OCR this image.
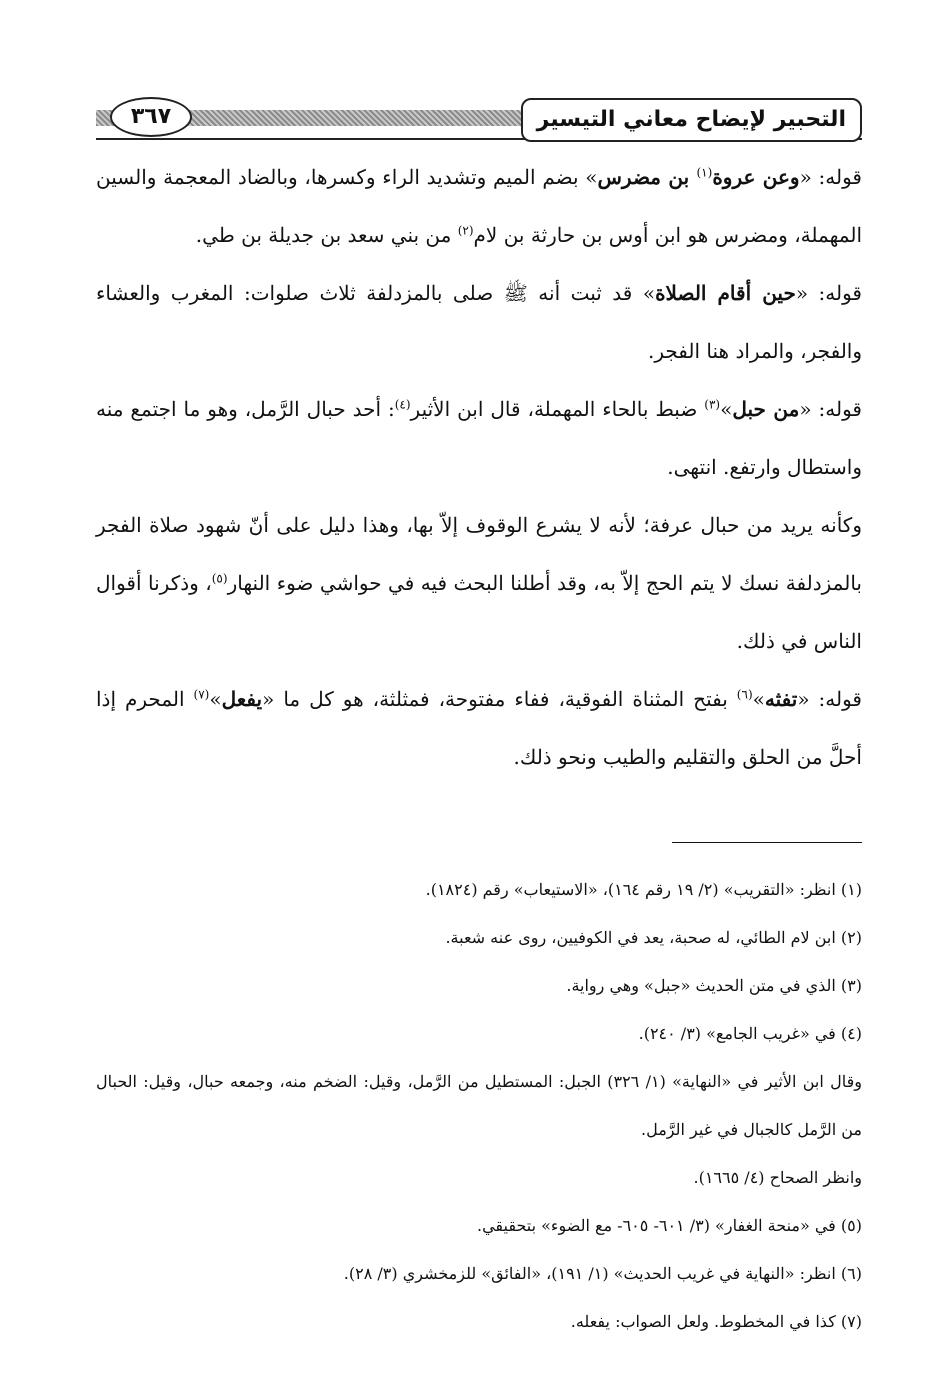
التحبير لإيضاح معاني التيسير
٣٦٧

قوله: «وعن عروة$^{(١)}$ بن مضرس» بضم الميم وتشديد الراء وكسرها، وبالضاد المعجمة والسين المهملة، ومضرس هو ابن أوس بن حارثة بن لام$^{(٢)}$ من بني سعد بن جديلة بن طي.

قوله: «حين أقام الصلاة» قد ثبت أنه ﷺ صلى بالمزدلفة ثلاث صلوات: المغرب والعشاء والفجر، والمراد هنا الفجر.

قوله: «من حبل»$^{(٣)}$ ضبط بالحاء المهملة، قال ابن الأثير$^{(٤)}$: أحد حبال الرَّمل، وهو ما اجتمع منه واستطال وارتفع. انتهى.

وكأنه يريد من حبال عرفة؛ لأنه لا يشرع الوقوف إلاّ بها، وهذا دليل على أنّ شهود صلاة الفجر بالمزدلفة نسك لا يتم الحج إلاّ به، وقد أطلنا البحث فيه في حواشي ضوء النهار$^{(٥)}$، وذكرنا أقوال الناس في ذلك.

قوله: «تفثه»$^{(٦)}$ بفتح المثناة الفوقية، ففاء مفتوحة، فمثلثة، هو كل ما «يفعل»$^{(٧)}$ المحرم إذا أحلَّ من الحلق والتقليم والطيب ونحو ذلك.

(١) انظر: «التقريب» (٢/ ١٩ رقم ١٦٤)، «الاستيعاب» رقم (١٨٢٤).

(٢) ابن لام الطائي، له صحبة، يعد في الكوفيين، روى عنه شعبة.

(٣) الذي في متن الحديث «جبل» وهي رواية.

(٤) في «غريب الجامع» (٣/ ٢٤٠).

وقال ابن الأثير في «النهاية» (١/ ٣٢٦) الجبل: المستطيل من الرَّمل، وقيل: الضخم منه، وجمعه حبال، وقيل: الحبال من الرَّمل كالجبال في غير الرَّمل.

وانظر الصحاح (٤/ ١٦٦٥).

(٥) في «منحة الغفار» (٣/ ٦٠١- ٦٠٥- مع الضوء» بتحقيقي.

(٦) انظر: «النهاية في غريب الحديث» (١/ ١٩١)، «الفائق» للزمخشري (٣/ ٢٨).

(٧) كذا في المخطوط. ولعل الصواب: يفعله.
